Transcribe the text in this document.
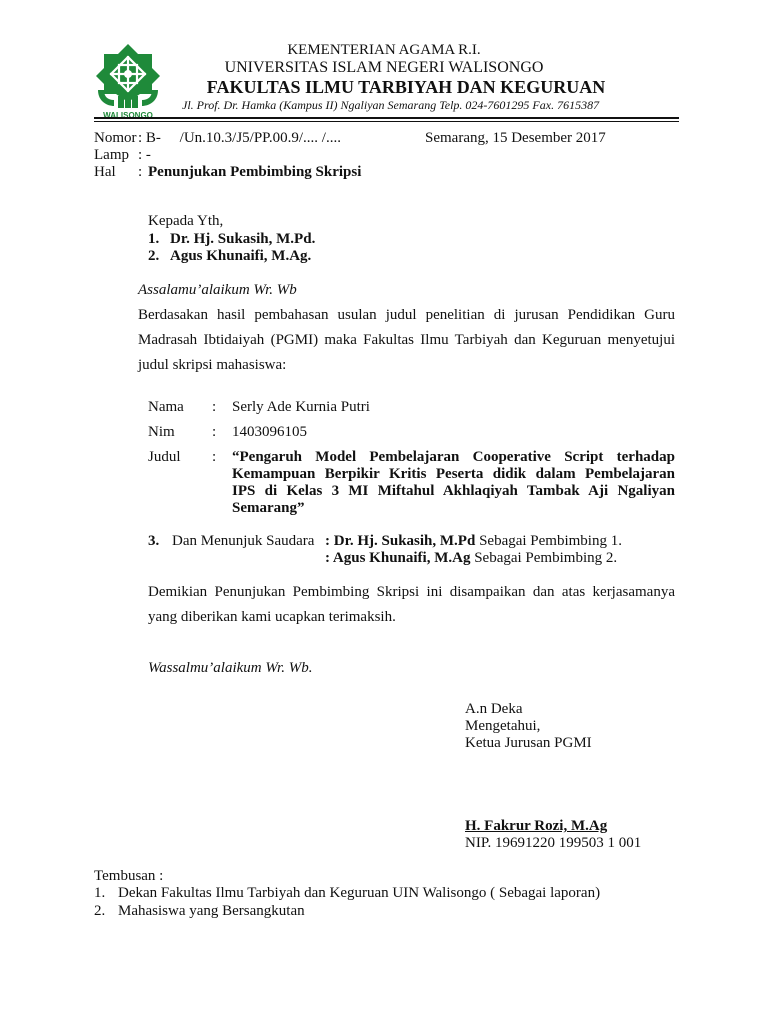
WALISONGO
KEMENTERIAN AGAMA R.I.
UNIVERSITAS ISLAM NEGERI WALISONGO
FAKULTAS ILMU TARBIYAH DAN KEGURUAN
Jl. Prof. Dr. Hamka (Kampus II) Ngaliyan Semarang Telp. 024-7601295 Fax. 7615387
Nomor : B-     /Un.10.3/J5/PP.00.9/.... /....	Semarang, 15 Desember 2017
Lamp : -
Hal : Penunjukan Pembimbing Skripsi
Kepada Yth,
1. Dr. Hj. Sukasih, M.Pd.
2. Agus Khunaifi, M.Ag.
Assalamu’alaikum Wr. Wb
Berdasakan hasil pembahasan usulan judul penelitian di jurusan Pendidikan Guru
Madrasah Ibtidaiyah (PGMI) maka Fakultas Ilmu Tarbiyah dan Keguruan menyetujui
judul skripsi mahasiswa:
Nama : Serly Ade Kurnia Putri
Nim : 1403096105
Judul : “Pengaruh Model Pembelajaran Cooperative Script terhadap
Kemampuan Berpikir Kritis Peserta didik dalam Pembelajaran
IPS di Kelas 3 MI Miftahul Akhlaqiyah Tambak Aji Ngaliyan
Semarang”
3. Dan Menunjuk Saudara : Dr. Hj. Sukasih, M.Pd Sebagai Pembimbing 1.
: Agus Khunaifi, M.Ag Sebagai Pembimbing 2.
Demikian Penunjukan Pembimbing Skripsi ini disampaikan dan atas kerjasamanya
yang diberikan kami ucapkan terimaksih.
Wassalmu’alaikum Wr. Wb.
A.n Deka
Mengetahui,
Ketua Jurusan PGMI
H. Fakrur Rozi, M.Ag
NIP. 19691220 199503 1 001
Tembusan :
1. Dekan Fakultas Ilmu Tarbiyah dan Keguruan UIN Walisongo ( Sebagai laporan)
2. Mahasiswa yang Bersangkutan
